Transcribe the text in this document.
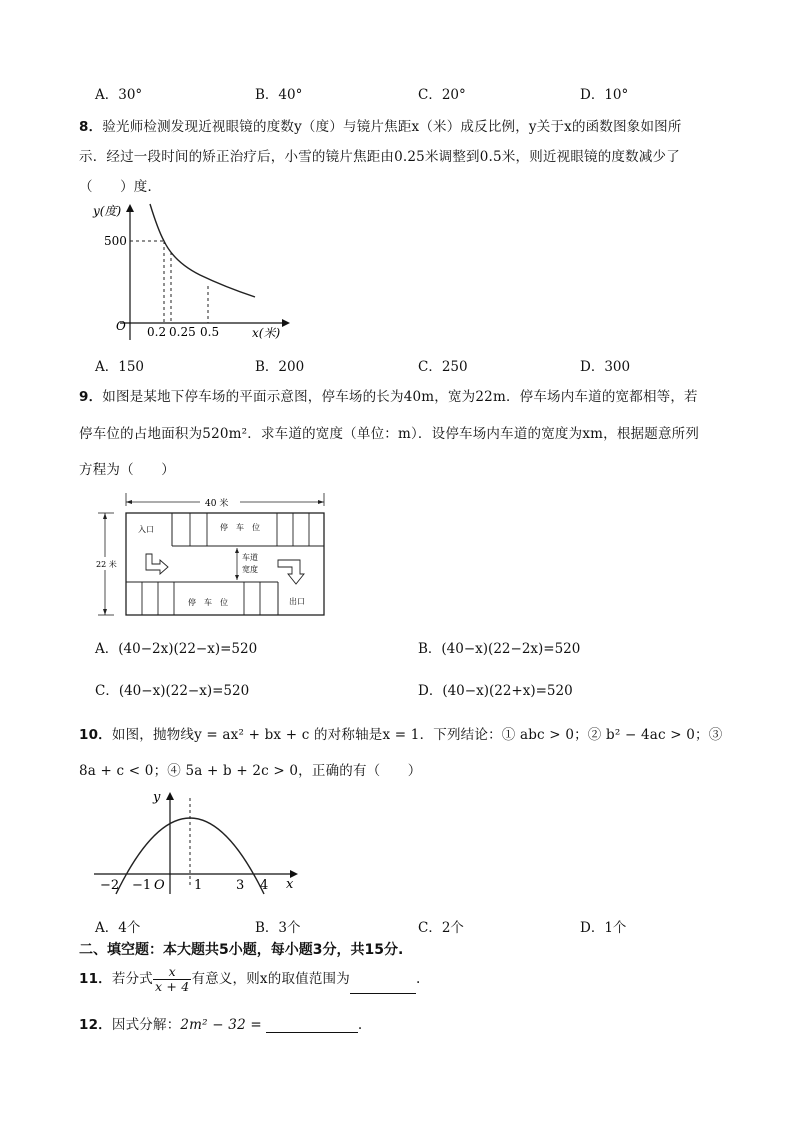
A．30°	B．40°	C．20°	D．10°
8．验光师检测发现近视眼镜的度数y（度）与镜片焦距x（米）成反比例，y关于x的函数图象如图所
示．经过一段时间的矫正治疗后，小雪的镜片焦距由0.25米调整到0.5米，则近视眼镜的度数减少了
（　　）度．
y(度)
500
O 0.2 0.25 0.5	x(米)
A．150	B．200	C．250	D．300
9．如图是某地下停车场的平面示意图，停车场的长为40m，宽为22m．停车场内车道的宽都相等，若
停车位的占地面积为520m²．求车道的宽度（单位：m）．设停车场内车道的宽度为xm，根据题意所列
方程为（　　）
40 米
22 米
停　车　位
入口
停　车　位	出口
车道
宽度
A．(40−2x)(22−x)=520	B．(40−x)(22−2x)=520
C．(40−x)(22−x)=520	D．(40−x)(22+x)=520
10．如图，抛物线y = ax² + bx + c 的对称轴是x = 1．下列结论：① abc > 0；② b² − 4ac > 0；③
8a + c < 0；④ 5a + b + 2c > 0，正确的有（　　）
y
x
−2 −1 O 1	3 4
A．4个	B．3个	C．2个	D．1个
二、填空题：本大题共5小题，每小题3分，共15分.
11．若分式 $\frac{x}{x + 4}$ 有意义，则x的取值范围为	.
12．因式分解：2m² − 32 =	.
